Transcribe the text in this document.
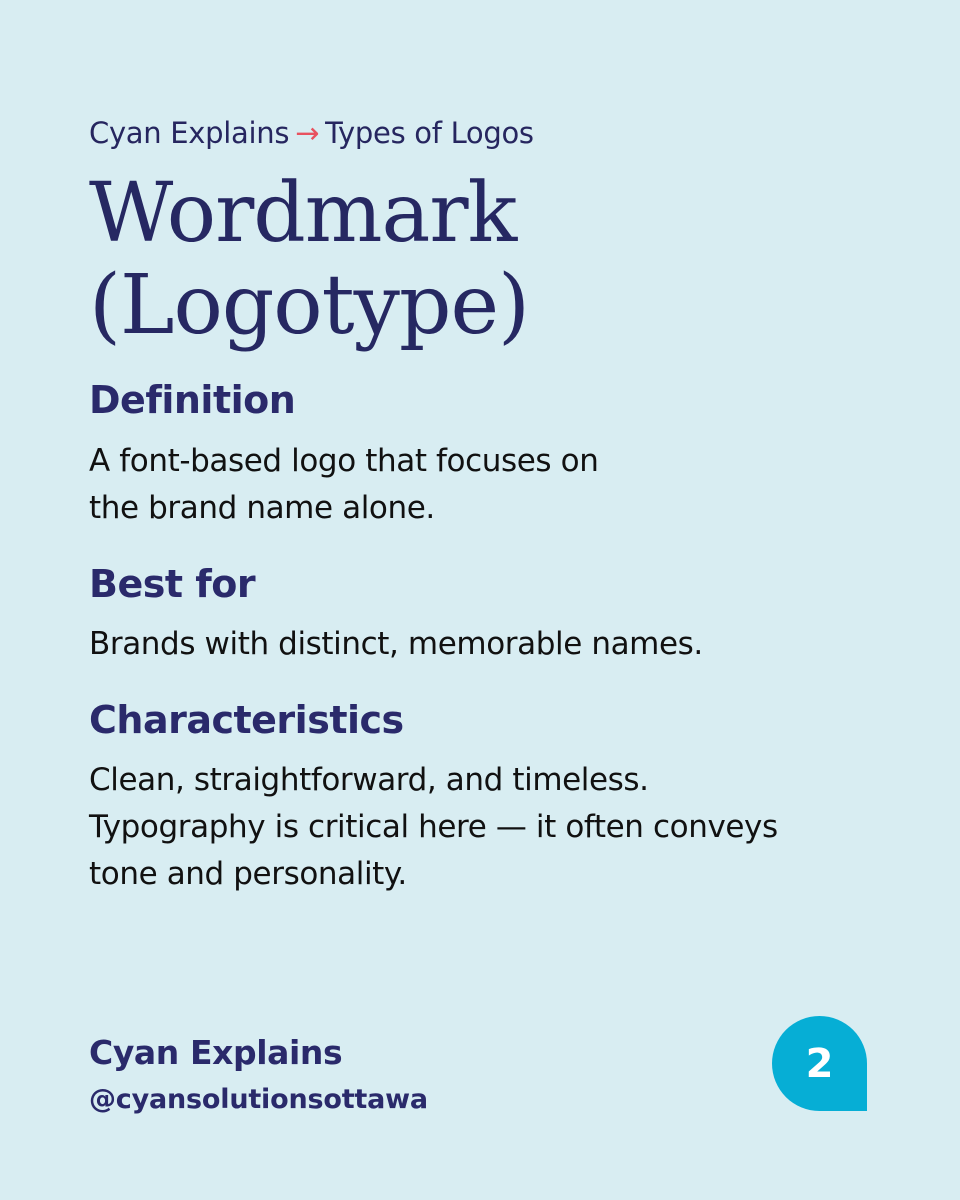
Cyan Explains → Types of Logos
Wordmark
(Logotype)
Definition

A font-based logo that focuses on
the brand name alone.

Best for

Brands with distinct, memorable names.

Characteristics

Clean, straightforward, and timeless.
Typography is critical here — it often conveys
tone and personality.

Cyan Explains
@cyansolutionsottawa
2
